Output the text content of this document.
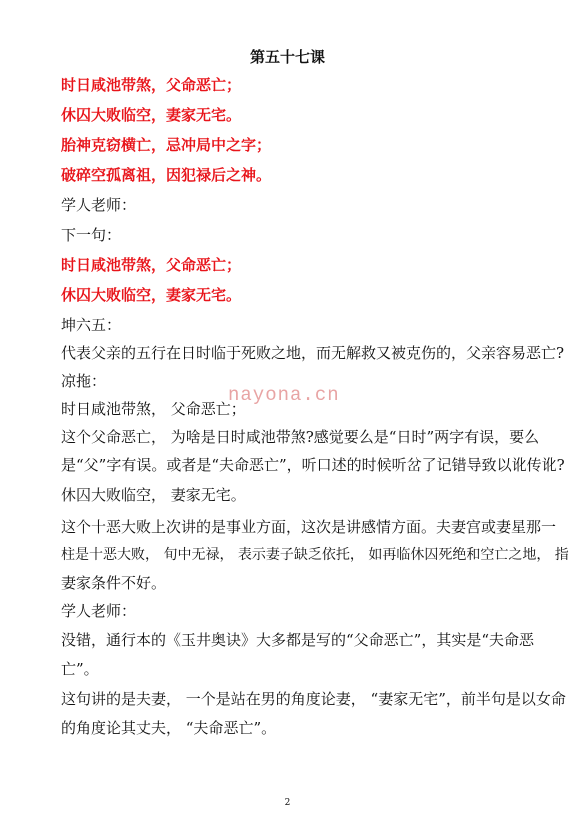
第五十七课
时日咸池带煞，父命恶亡；
休囚大败临空，妻家无宅。
胎神克窃横亡，忌冲局中之字；
破碎空孤离祖，因犯禄后之神。
学人老师：
下一句：
时日咸池带煞，父命恶亡；
休囚大败临空，妻家无宅。
坤六五：
代表父亲的五行在日时临于死败之地，而无解救又被克伤的，父亲容易恶亡?
凉拖：
时日咸池带煞， 父命恶亡；
这个父命恶亡， 为啥是日时咸池带煞?感觉要么是“日时”两字有误，要么
是“父”字有误。或者是“夫命恶亡”，听口述的时候听岔了记错导致以讹传讹?
休囚大败临空， 妻家无宅。
这个十恶大败上次讲的是事业方面，这次是讲感情方面。夫妻宫或妻星那一
柱是十恶大败， 旬中无禄， 表示妻子缺乏依托， 如再临休囚死绝和空亡之地， 指
妻家条件不好。
学人老师：
没错，通行本的《玉井奥诀》大多都是写的“父命恶亡”，其实是“夫命恶
亡”。
这句讲的是夫妻， 一个是站在男的角度论妻， “妻家无宅”，前半句是以女命
的角度论其丈夫， “夫命恶亡”。
nayona.cn
2
